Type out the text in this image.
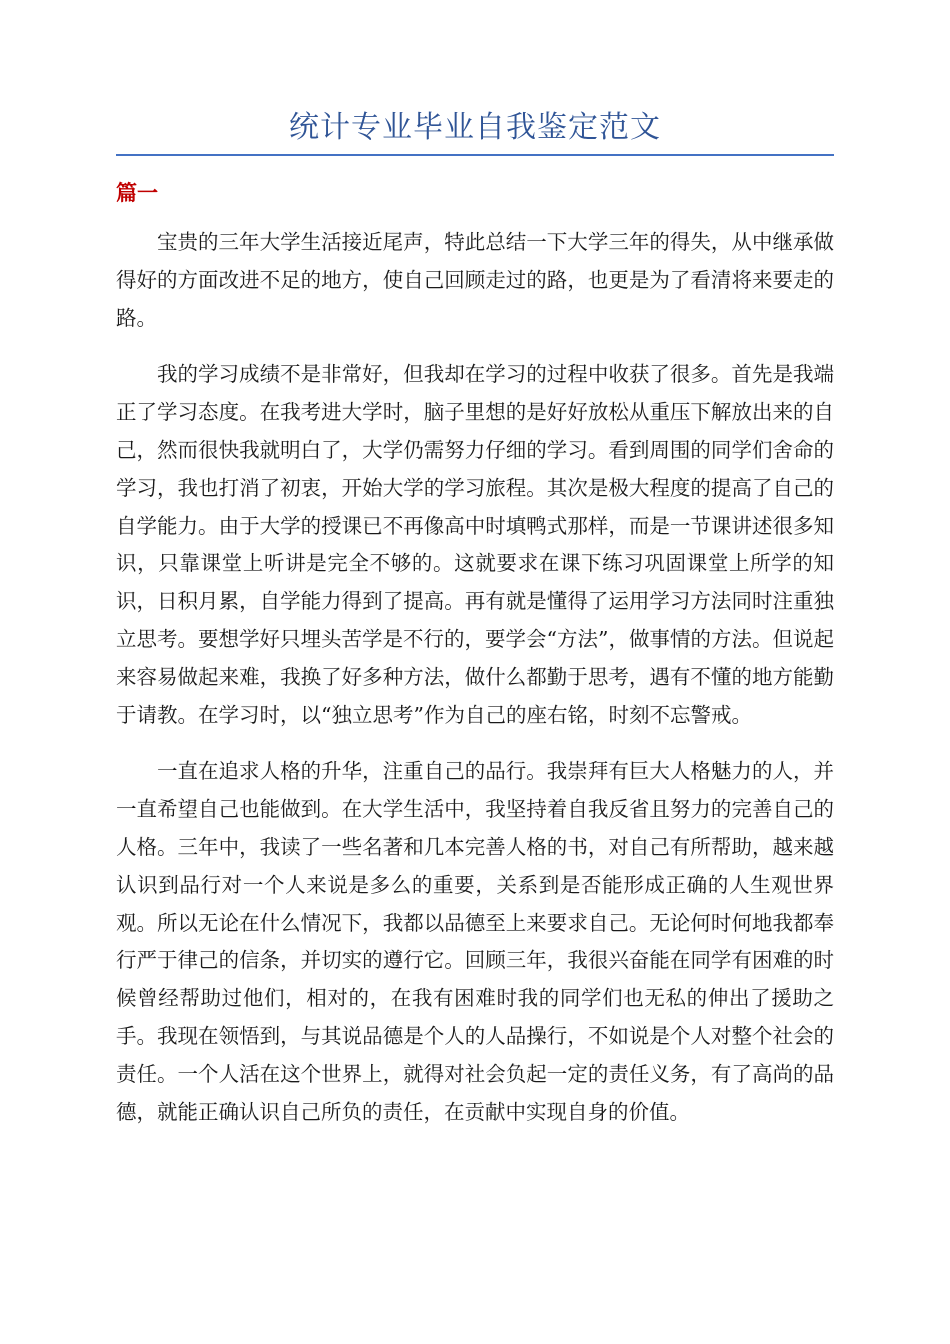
统计专业毕业自我鉴定范文
篇一

宝贵的三年大学生活接近尾声，特此总结一下大学三年的得失，从中继承做得好的方面改进不足的地方，使自己回顾走过的路，也更是为了看清将来要走的路。

我的学习成绩不是非常好，但我却在学习的过程中收获了很多。首先是我端正了学习态度。在我考进大学时，脑子里想的是好好放松从重压下解放出来的自己，然而很快我就明白了，大学仍需努力仔细的学习。看到周围的同学们舍命的学习，我也打消了初衷，开始大学的学习旅程。其次是极大程度的提高了自己的自学能力。由于大学的授课已不再像高中时填鸭式那样，而是一节课讲述很多知识，只靠课堂上听讲是完全不够的。这就要求在课下练习巩固课堂上所学的知识，日积月累，自学能力得到了提高。再有就是懂得了运用学习方法同时注重独立思考。要想学好只埋头苦学是不行的，要学会“方法”，做事情的方法。但说起来容易做起来难，我换了好多种方法，做什么都勤于思考，遇有不懂的地方能勤于请教。在学习时，以“独立思考”作为自己的座右铭，时刻不忘警戒。

一直在追求人格的升华，注重自己的品行。我崇拜有巨大人格魅力的人，并一直希望自己也能做到。在大学生活中，我坚持着自我反省且努力的完善自己的人格。三年中，我读了一些名著和几本完善人格的书，对自己有所帮助，越来越认识到品行对一个人来说是多么的重要，关系到是否能形成正确的人生观世界观。所以无论在什么情况下，我都以品德至上来要求自己。无论何时何地我都奉行严于律己的信条，并切实的遵行它。回顾三年，我很兴奋能在同学有困难的时候曾经帮助过他们，相对的，在我有困难时我的同学们也无私的伸出了援助之手。我现在领悟到，与其说品德是个人的人品操行，不如说是个人对整个社会的责任。一个人活在这个世界上，就得对社会负起一定的责任义务，有了高尚的品德，就能正确认识自己所负的责任，在贡献中实现自身的价值。
